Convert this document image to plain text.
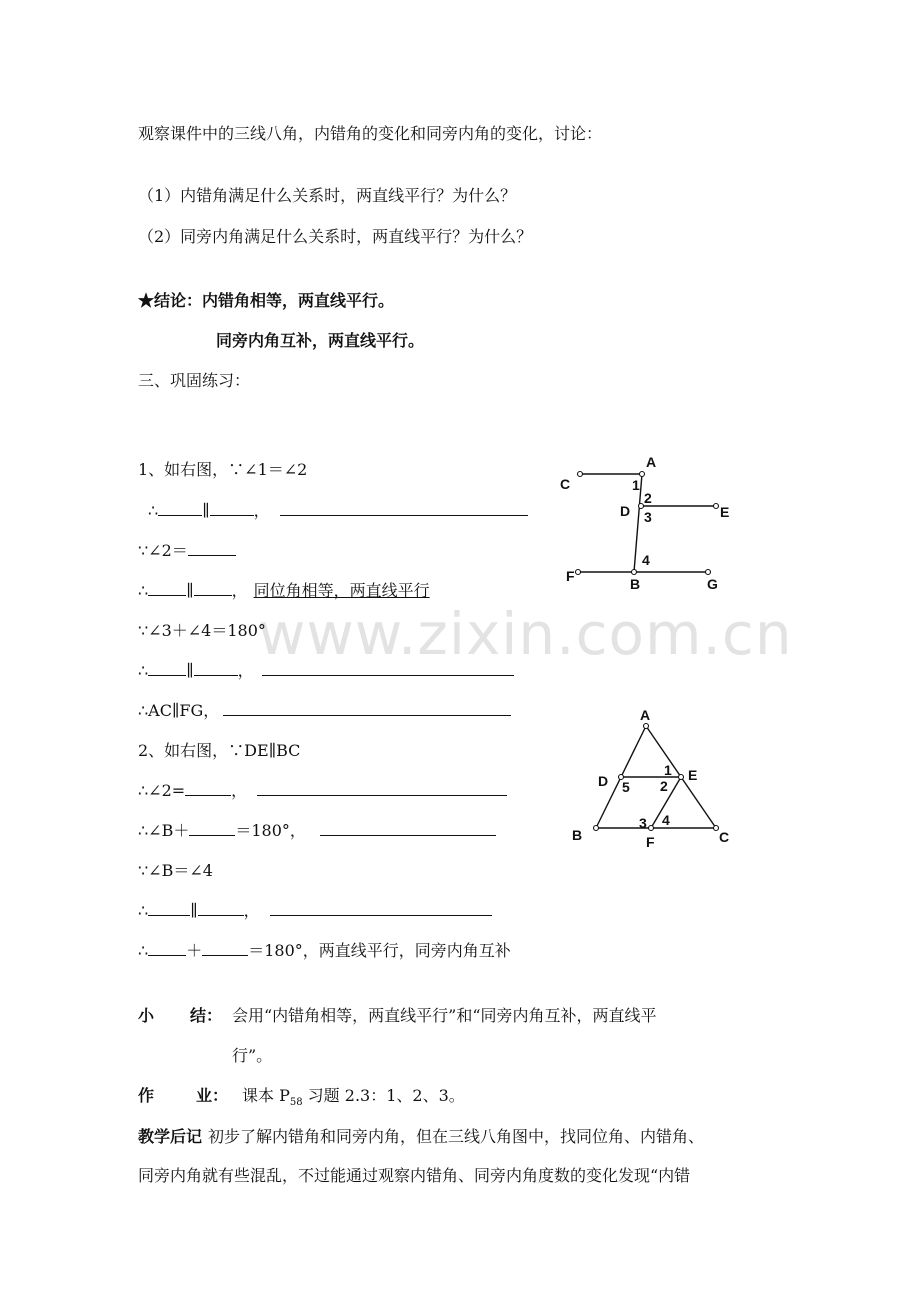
www.zixin.com.cn
观察课件中的三线八角，内错角的变化和同旁内角的变化，讨论：
（1）内错角满足什么关系时，两直线平行？为什么？
（2）同旁内角满足什么关系时，两直线平行？为什么？
★结论：内错角相等，两直线平行。
同旁内角互补，两直线平行。
三、巩固练习：
1、如右图，∵∠1＝∠2
∴	∥	，
∵∠2＝
∴ ∥ ， 同位角相等，两直线平行
∵∠3＋∠4＝180°
∴ ∥	，
∴AC∥FG，
2、如右图，∵DE∥BC
∴∠2=	，
∴∠B＋	＝180°，
∵∠B＝∠4
∴	∥	，
∴ ＋	＝180°，两直线平行，同旁内角互补
小 结： 会用“内错角相等，两直线平行”和“同旁内角互补，两直线平
行”。
作	业： 课本 $P_{58}$ 习题 2.3：1、2、3。
教学后记 初步了解内错角和同旁内角，但在三线八角图中，找同位角、内错角、
同旁内角就有些混乱，不过能通过观察内错角、同旁内角度数的变化发现“内错
A
C	1
2
D 3	E
4
F	B	G
A
D 5
1
2
E
3 4
B	F	C
